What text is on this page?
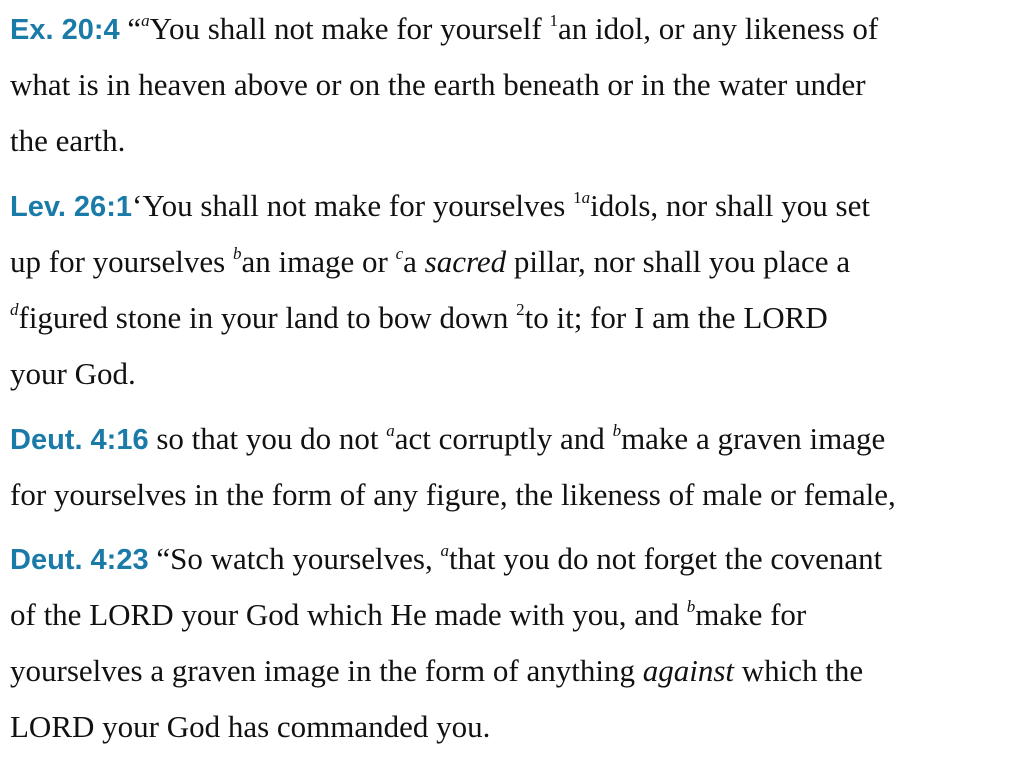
Ex. 20:4 “$^a$You shall not make for yourself $^1$an idol, or any likeness of
what is in heaven above or on the earth beneath or in the water under
the earth.
Lev. 26:1‘You shall not make for yourselves $^{1a}$idols, nor shall you set
up for yourselves $^b$an image or $^c$a sacred pillar, nor shall you place a
$^d$figured stone in your land to bow down $^2$to it; for I am the LORD
your God.
Deut. 4:16 so that you do not $^a$act corruptly and $^b$make a graven image
for yourselves in the form of any figure, the likeness of male or female,
Deut. 4:23 “So watch yourselves, $^a$that you do not forget the covenant
of the LORD your God which He made with you, and $^b$make for
yourselves a graven image in the form of anything against which the
LORD your God has commanded you.
